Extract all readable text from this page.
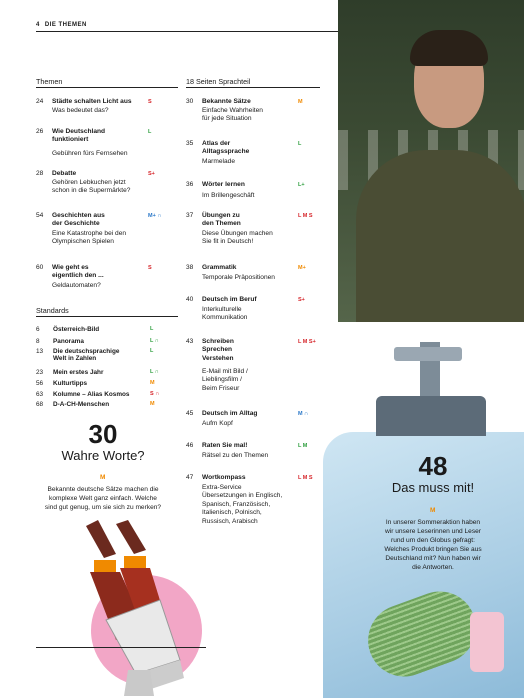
4 DIE THEMEN
Themen	18 Seiten Sprachteil
24 Städte schalten Licht aus
Was bedeutet das?
S
26 Wie Deutschland
funktioniert
Gebühren fürs Fernsehen
L
28 Debatte
Gehören Lebkuchen jetzt
schon in die Supermärkte?
S+
54 Geschichten aus
der Geschichte
Eine Katastrophe bei den
Olympischen Spielen
M+ ∩
60 Wie geht es
eigentlich den ...
Geldautomaten?
S
Standards
6 Österreich-Bild	L
8 Panorama	L ∩
13 Die deutschsprachige
Welt in Zahlen
L
23 Mein erstes Jahr	L ∩
56 Kulturtipps	M
63 Kolumne – Alias Kosmos	S ∩
68 D-A-CH-Menschen	M
30 Bekannte Sätze
Einfache Wahrheiten
für jede Situation
M
35 Atlas der
Alltagssprache
Marmelade
L
36 Wörter lernen
Im Brillengeschäft
L+
37 Übungen zu
den Themen
Diese Übungen machen
Sie fit in Deutsch!
L M S
38 Grammatik
Temporale Präpositionen
M+
40 Deutsch im Beruf
Interkulturelle
Kommunikation
S+
43 Schreiben
Sprechen
Verstehen
E-Mail mit Bild /
Lieblingsfilm /
Beim Friseur
L M S+
45 Deutsch im Alltag
Aufm Kopf
M ∩
46 Raten Sie mal!
Rätsel zu den Themen
L M
47 Wortkompass
Extra-Service
Übersetzungen in Englisch,
Spanisch, Französisch,
Italienisch, Polnisch,
Russisch, Arabisch
L M S
30
Wahre Worte?
M
Bekannte deutsche Sätze machen die
komplexe Welt ganz einfach. Welche
sind gut genug, um sie sich zu merken?
48
Das muss mit!
M
In unserer Sommeraktion haben
wir unsere Leserinnen und Leser
rund um den Globus gefragt:
Welches Produkt bringen Sie aus
Deutschland mit? Nun haben wir
die Antworten.
